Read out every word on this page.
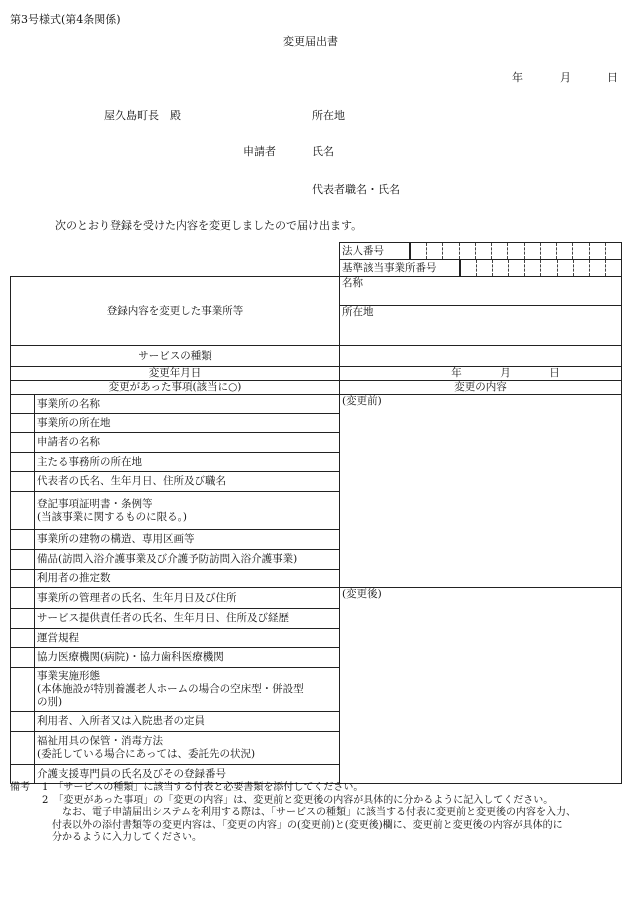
第3号様式(第4条関係)
変更届出書
年	月	日
屋久島町長　殿	所在地
申請者	氏名
代表者職名・氏名
次のとおり登録を受けた内容を変更しましたので届け出ます。
		法人番号		

		基準該当事業所番号		

登録内容を変更した事業所等		名称		
		所在地		
サービスの種類				
変更年月日		年 月 日		

変更があった事項(該当に○)		変更の内容		
	事業所の名称	(変更前)		
	事業所の所在地			
	申請者の名称			
	主たる事務所の所在地			
	代表者の氏名、生年月日、住所及び職名			
	登記事項証明書・条例等
(当該事業に関するものに限る。)			
	事業所の建物の構造、専用区画等			
	備品(訪問入浴介護事業及び介護予防訪問入浴介護事業)			
	利用者の推定数			
	事業所の管理者の氏名、生年月日及び住所	(変更後)		
	サービス提供責任者の氏名、生年月日、住所及び経歴			
	運営規程			
	協力医療機関(病院)・協力歯科医療機関			
	事業実施形態
(本体施設が特別養護老人ホームの場合の空床型・併設型
の別)			
	利用者、入所者又は入院患者の定員			
	福祉用具の保管・消毒方法
(委託している場合にあっては、委託先の状況)			
	介護支援専門員の氏名及びその登録番号			
備考 1　「サービスの種類」に該当する付表と必要書類を添付してください。
2　「変更があった事項」の「変更の内容」は、変更前と変更後の内容が具体的に分かるように記入してください。
　　なお、電子申請届出システムを利用する際は、「サービスの種類」に該当する付表に変更前と変更後の内容を入力、
　付表以外の添付書類等の変更内容は、「変更の内容」の(変更前)と(変更後)欄に、変更前と変更後の内容が具体的に
　分かるように入力してください。
